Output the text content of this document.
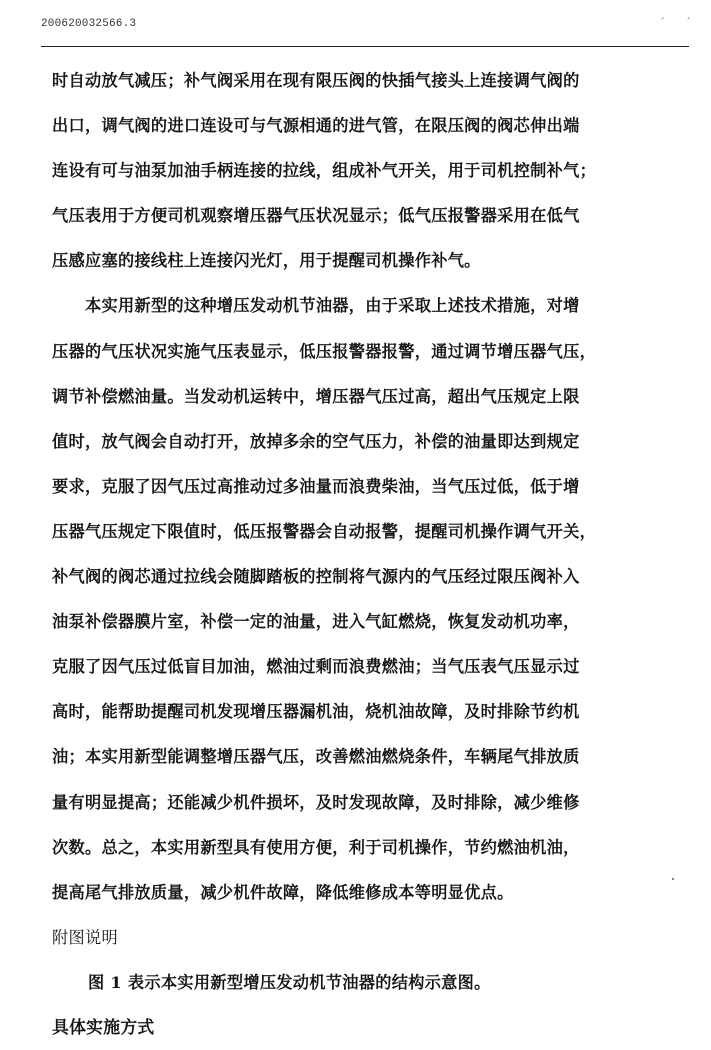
200620032566.3	ˊ ˊ
时自动放气减压；补气阀采用在现有限压阀的快插气接头上连接调气阀的
出口，调气阀的进口连设可与气源相通的进气管，在限压阀的阀芯伸出端
连设有可与油泵加油手柄连接的拉线，组成补气开关，用于司机控制补气；
气压表用于方便司机观察增压器气压状况显示；低气压报警器采用在低气
压感应塞的接线柱上连接闪光灯，用于提醒司机操作补气。
本实用新型的这种增压发动机节油器，由于采取上述技术措施，对增
压器的气压状况实施气压表显示，低压报警器报警，通过调节增压器气压，
调节补偿燃油量。当发动机运转中，增压器气压过高，超出气压规定上限
值时，放气阀会自动打开，放掉多余的空气压力，补偿的油量即达到规定
要求，克服了因气压过高推动过多油量而浪费柴油，当气压过低，低于增
压器气压规定下限值时，低压报警器会自动报警，提醒司机操作调气开关，
补气阀的阀芯通过拉线会随脚踏板的控制将气源内的气压经过限压阀补入
油泵补偿器膜片室，补偿一定的油量，进入气缸燃烧，恢复发动机功率，
克服了因气压过低盲目加油，燃油过剩而浪费燃油；当气压表气压显示过
高时，能帮助提醒司机发现增压器漏机油，烧机油故障，及时排除节约机
油；本实用新型能调整增压器气压，改善燃油燃烧条件，车辆尾气排放质
量有明显提高；还能减少机件损坏，及时发现故障，及时排除，减少维修
次数。总之，本实用新型具有使用方便，利于司机操作，节约燃油机油，
提高尾气排放质量，减少机件故障，降低维修成本等明显优点。
附图说明
图 1 表示本实用新型增压发动机节油器的结构示意图。
具体实施方式
